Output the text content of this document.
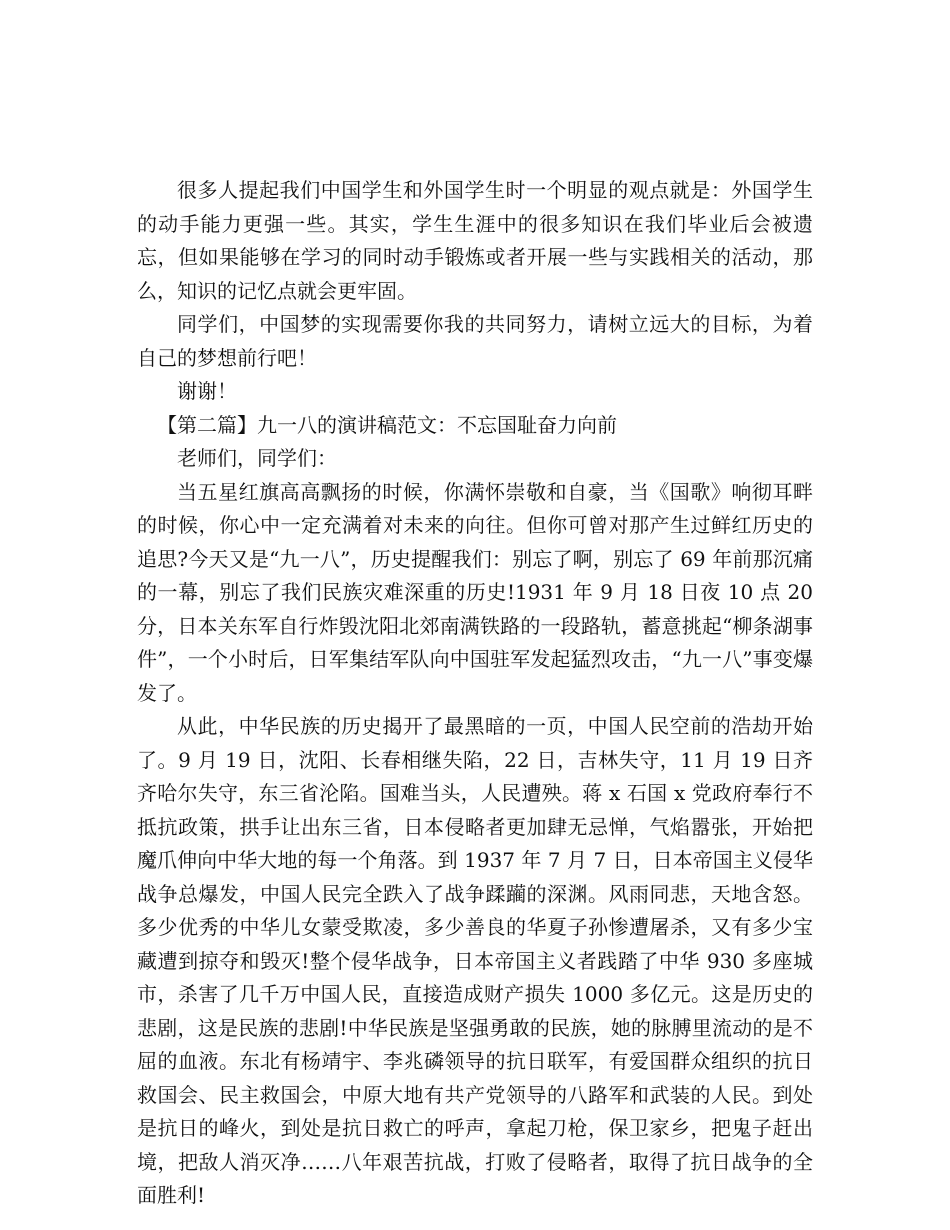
很多人提起我们中国学生和外国学生时一个明显的观点就是：外国学生的动手能力更强一些。其实，学生生涯中的很多知识在我们毕业后会被遗忘，但如果能够在学习的同时动手锻炼或者开展一些与实践相关的活动，那么，知识的记忆点就会更牢固。

同学们，中国梦的实现需要你我的共同努力，请树立远大的目标，为着自己的梦想前行吧！

谢谢！

【第二篇】九一八的演讲稿范文：不忘国耻奋力向前

老师们，同学们：

当五星红旗高高飘扬的时候，你满怀崇敬和自豪，当《国歌》响彻耳畔的时候，你心中一定充满着对未来的向往。但你可曾对那产生过鲜红历史的追思?今天又是“九一八”，历史提醒我们：别忘了啊，别忘了 69 年前那沉痛的一幕，别忘了我们民族灾难深重的历史!1931 年 9 月 18 日夜 10 点 20 分，日本关东军自行炸毁沈阳北郊南满铁路的一段路轨，蓄意挑起“柳条湖事件”，一个小时后，日军集结军队向中国驻军发起猛烈攻击，“九一八”事变爆发了。

从此，中华民族的历史揭开了最黑暗的一页，中国人民空前的浩劫开始了。9 月 19 日，沈阳、长春相继失陷，22 日，吉林失守，11 月 19 日齐齐哈尔失守，东三省沦陷。国难当头，人民遭殃。蒋 x 石国 x 党政府奉行不抵抗政策，拱手让出东三省，日本侵略者更加肆无忌惮，气焰嚣张，开始把魔爪伸向中华大地的每一个角落。到 1937 年 7 月 7 日，日本帝国主义侵华战争总爆发，中国人民完全跌入了战争蹂躏的深渊。风雨同悲，天地含怒。多少优秀的中华儿女蒙受欺凌，多少善良的华夏子孙惨遭屠杀，又有多少宝藏遭到掠夺和毁灭!整个侵华战争，日本帝国主义者践踏了中华 930 多座城市，杀害了几千万中国人民，直接造成财产损失 1000 多亿元。这是历史的悲剧，这是民族的悲剧!中华民族是坚强勇敢的民族，她的脉膊里流动的是不屈的血液。东北有杨靖宇、李兆磷领导的抗日联军，有爱国群众组织的抗日救国会、民主救国会，中原大地有共产党领导的八路军和武装的人民。到处是抗日的峰火，到处是抗日救亡的呼声，拿起刀枪，保卫家乡，把鬼子赶出境，把敌人消灭净……八年艰苦抗战，打败了侵略者，取得了抗日战争的全面胜利!
